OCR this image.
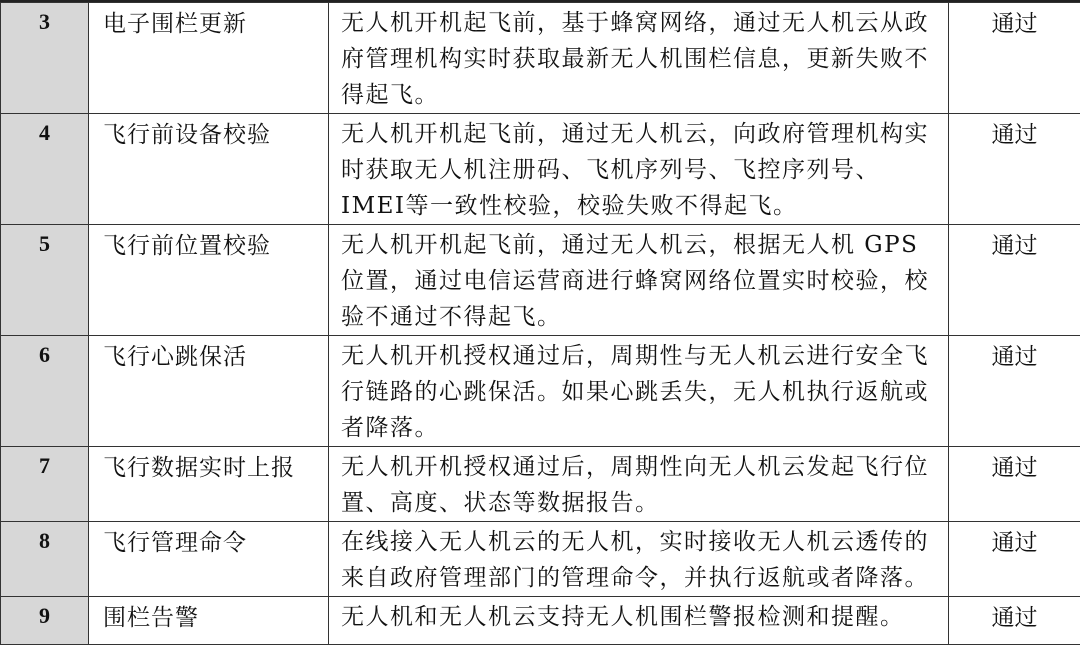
3	电子围栏更新	无人机开机起飞前，基于蜂窝网络，通过无人机云从政府管理机构实时获取最新无人机围栏信息，更新失败不得起飞。	通过
4	飞行前设备校验	无人机开机起飞前，通过无人机云，向政府管理机构实时获取无人机注册码、飞机序列号、飞控序列号、IMEI等一致性校验，校验失败不得起飞。	通过
5	飞行前位置校验	无人机开机起飞前，通过无人机云，根据无人机 GPS 位置，通过电信运营商进行蜂窝网络位置实时校验，校验不通过不得起飞。	通过
6	飞行心跳保活	无人机开机授权通过后，周期性与无人机云进行安全飞行链路的心跳保活。如果心跳丢失，无人机执行返航或者降落。	通过
7	飞行数据实时上报	无人机开机授权通过后，周期性向无人机云发起飞行位置、高度、状态等数据报告。	通过
8	飞行管理命令	在线接入无人机云的无人机，实时接收无人机云透传的来自政府管理部门的管理命令，并执行返航或者降落。	通过
9	围栏告警	无人机和无人机云支持无人机围栏警报检测和提醒。	通过
